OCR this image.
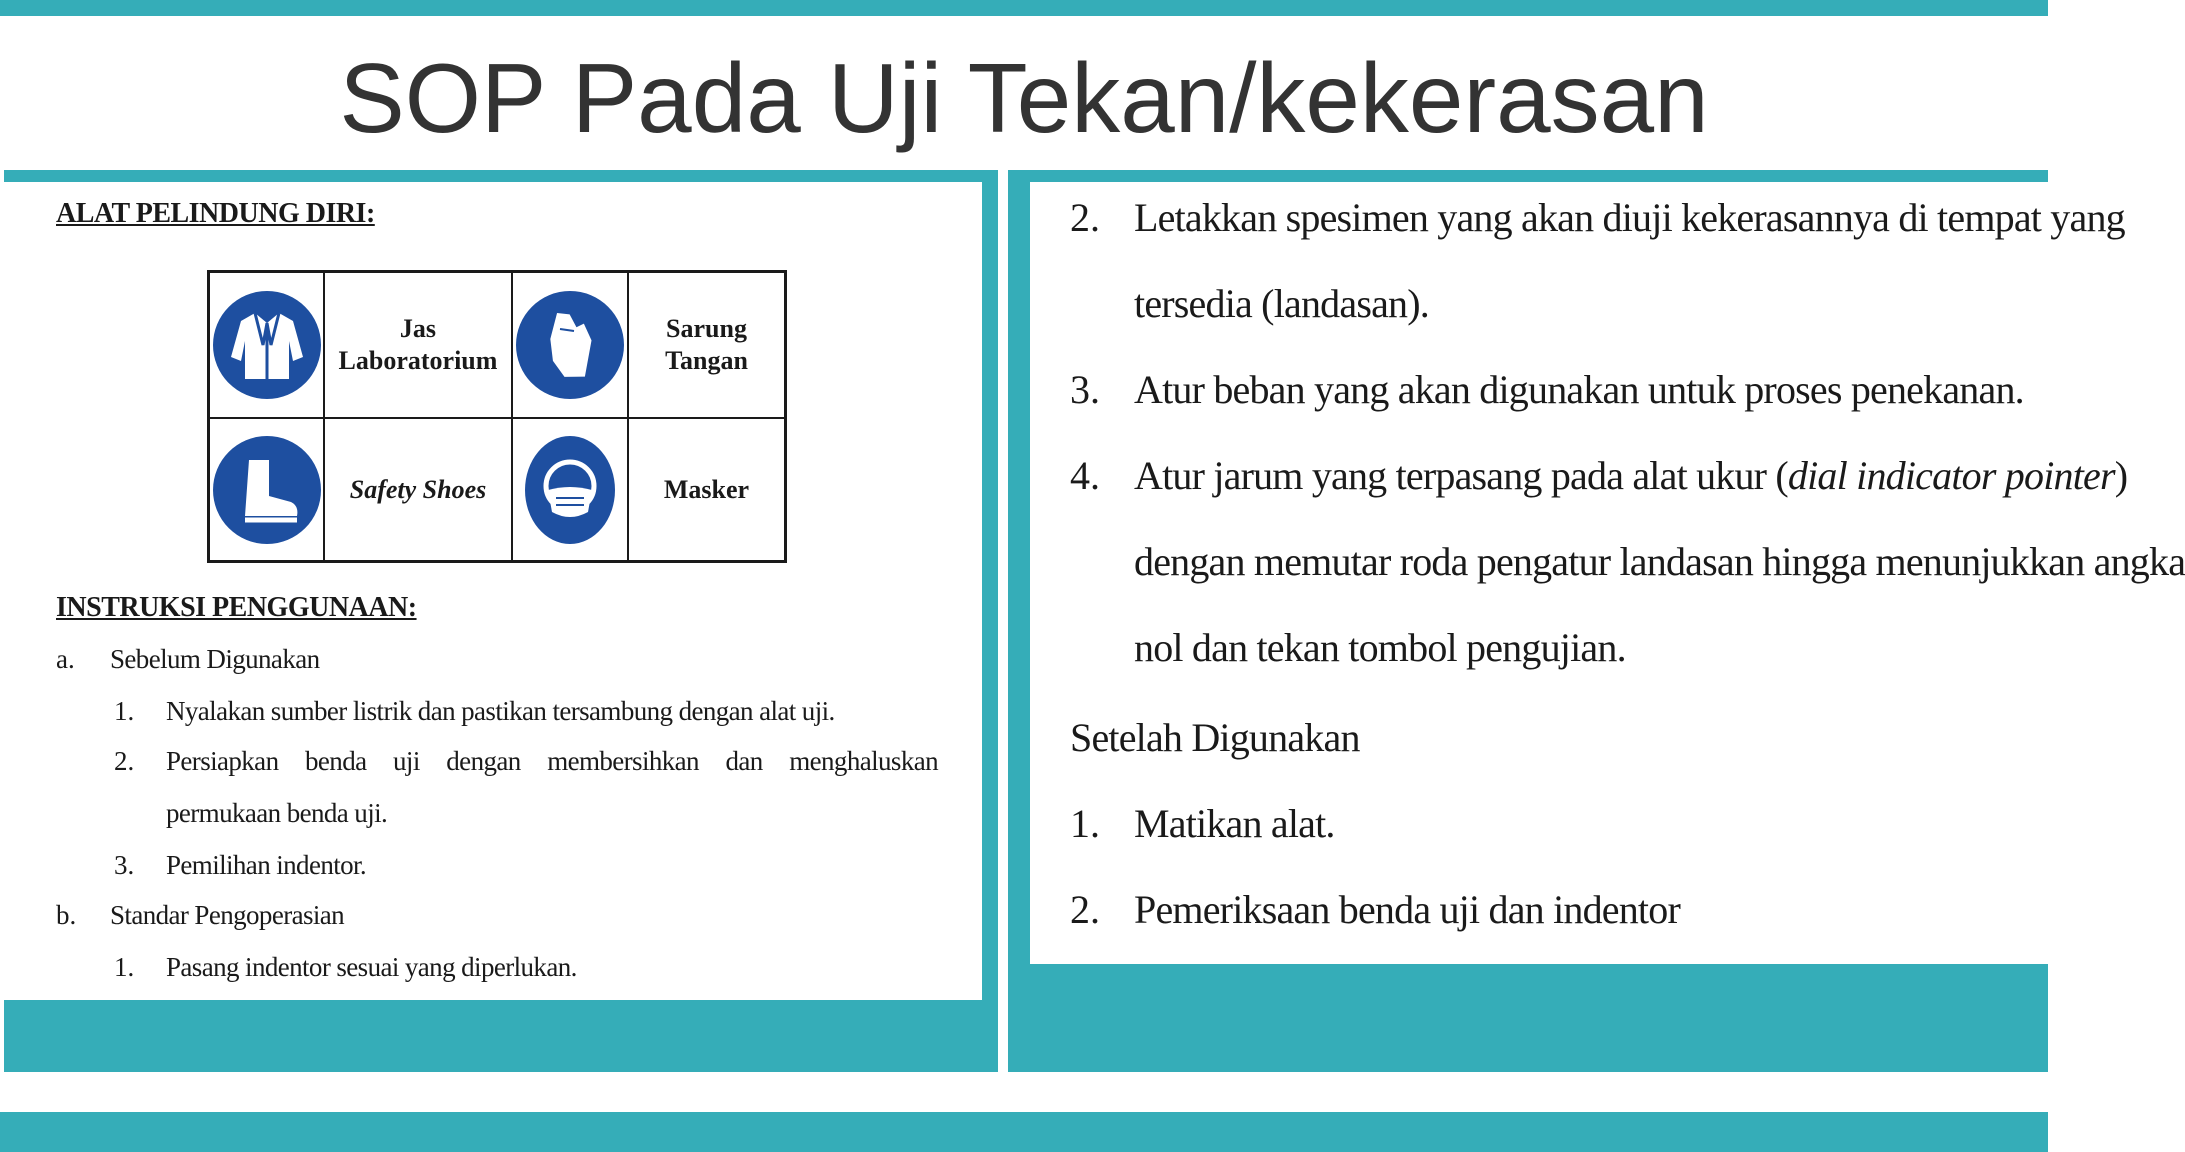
SOP Pada Uji Tekan/kekerasan
ALAT PELINDUNG DIRI:
Jas
Laboratorium
Sarung
Tangan
Safety Shoes	Masker
INSTRUKSI PENGGUNAAN:
a. Sebelum Digunakan
1. Nyalakan sumber listrik dan pastikan tersambung dengan alat uji.
2. Persiapkan benda uji dengan membersihkan dan menghaluskan
permukaan benda uji.
3. Pemilihan indentor.
b. Standar Pengoperasian
1. Pasang indentor sesuai yang diperlukan.
2. Letakkan spesimen yang akan diuji kekerasannya di tempat yang
tersedia (landasan).
3. Atur beban yang akan digunakan untuk proses penekanan.
4. Atur jarum yang terpasang pada alat ukur (dial indicator pointer)
dengan memutar roda pengatur landasan hingga menunjukkan angka
nol dan tekan tombol pengujian.
Setelah Digunakan
1. Matikan alat.
2. Pemeriksaan benda uji dan indentor
